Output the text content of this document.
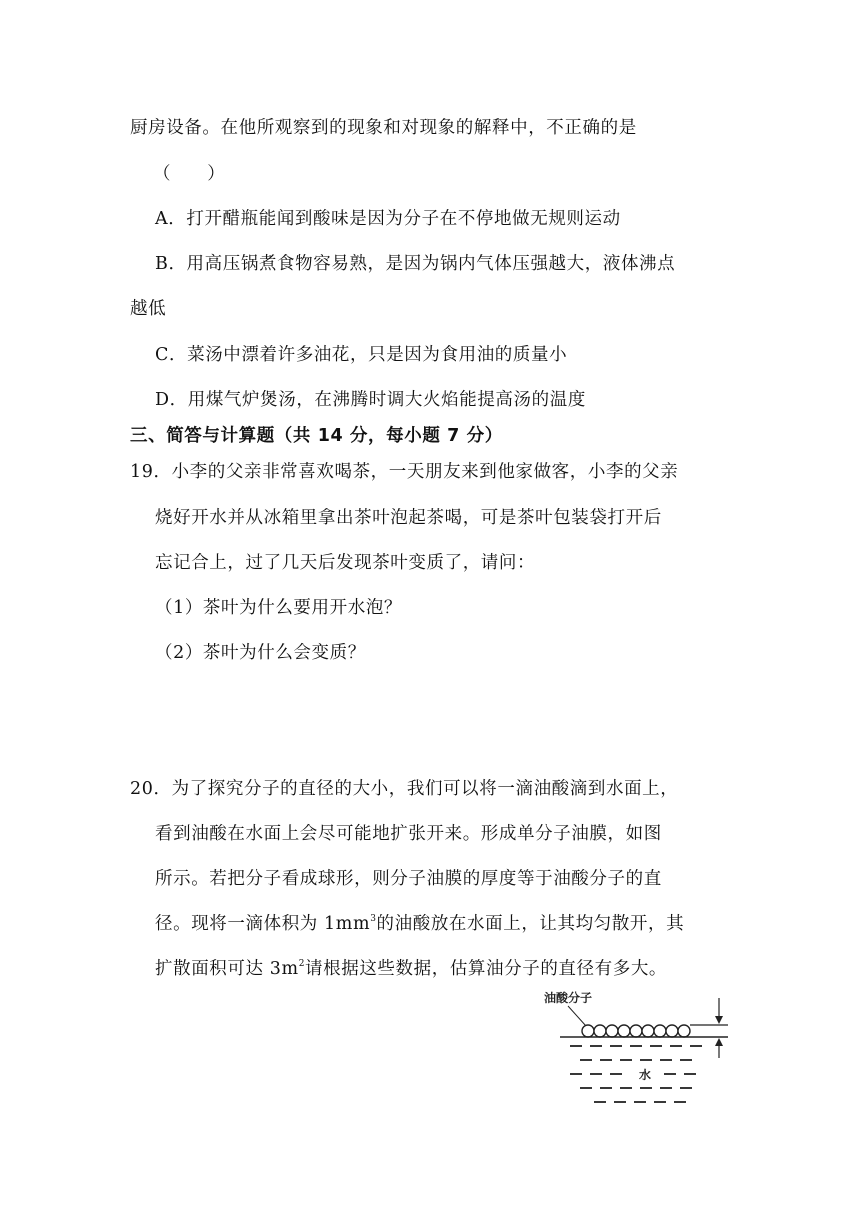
厨房设备。在他所观察到的现象和对现象的解释中，不正确的是
（　　）
A．打开醋瓶能闻到酸味是因为分子在不停地做无规则运动
B．用高压锅煮食物容易熟，是因为锅内气体压强越大，液体沸点
越低
C．菜汤中漂着许多油花，只是因为食用油的质量小
D．用煤气炉煲汤，在沸腾时调大火焰能提高汤的温度
三、简答与计算题（共 14 分，每小题 7 分）
19．小李的父亲非常喜欢喝茶，一天朋友来到他家做客，小李的父亲
烧好开水并从冰箱里拿出茶叶泡起茶喝，可是茶叶包装袋打开后
忘记合上，过了几天后发现茶叶变质了，请问：
（1）茶叶为什么要用开水泡？
（2）茶叶为什么会变质？
20．为了探究分子的直径的大小，我们可以将一滴油酸滴到水面上，
看到油酸在水面上会尽可能地扩张开来。形成单分子油膜，如图
所示。若把分子看成球形，则分子油膜的厚度等于油酸分子的直
径。现将一滴体积为 $1mm^3$的油酸放在水面上，让其均匀散开，其
扩散面积可达 $3m^2$请根据这些数据，估算油分子的直径有多大。
油酸分子
水
